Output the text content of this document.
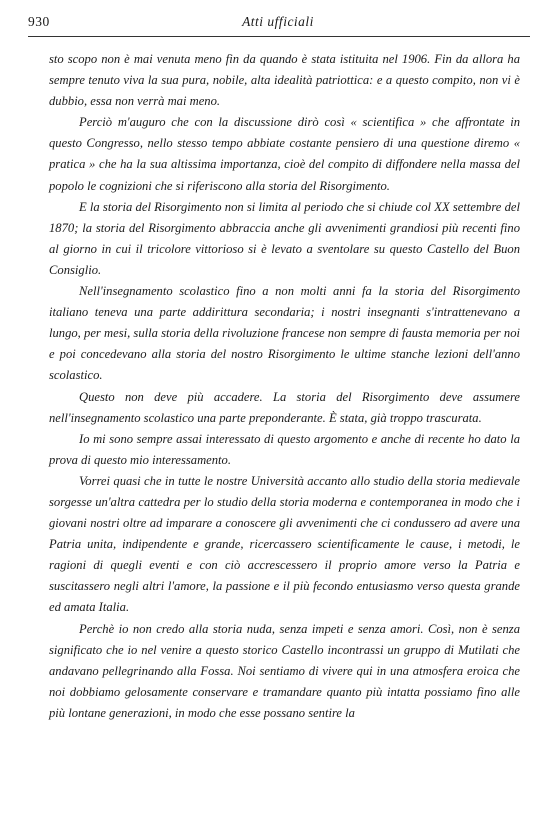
930	Atti ufficiali

sto scopo non è mai venuta meno fin da quando è stata istituita nel 1906. Fin da allora ha sempre tenuto viva la sua pura, nobile, alta idealità patriottica: e a questo compito, non vi è dubbio, essa non verrà mai meno.

Perciò m'auguro che con la discussione dirò così « scientifica » che affrontate in questo Congresso, nello stesso tempo abbiate costante pensiero di una questione diremo « pratica » che ha la sua altissima importanza, cioè del compito di diffondere nella massa del popolo le cognizioni che si riferiscono alla storia del Risorgimento.

E la storia del Risorgimento non si limita al periodo che si chiude col XX settembre del 1870; la storia del Risorgimento abbraccia anche gli avvenimenti grandiosi più recenti fino al giorno in cui il tricolore vittorioso si è levato a sventolare su questo Castello del Buon Consiglio.

Nell'insegnamento scolastico fino a non molti anni fa la storia del Risorgimento italiano teneva una parte addirittura secondaria; i nostri insegnanti s'intrattenevano a lungo, per mesi, sulla storia della rivoluzione francese non sempre di fausta memoria per noi e poi concedevano alla storia del nostro Risorgimento le ultime stanche lezioni dell'anno scolastico.

Questo non deve più accadere. La storia del Risorgimento deve assumere nell'insegnamento scolastico una parte preponderante. È stata, già troppo trascurata.

Io mi sono sempre assai interessato di questo argomento e anche di recente ho dato la prova di questo mio interessamento.

Vorrei quasi che in tutte le nostre Università accanto allo studio della storia medievale sorgesse un'altra cattedra per lo studio della storia moderna e contemporanea in modo che i giovani nostri oltre ad imparare a conoscere gli avvenimenti che ci condussero ad avere una Patria unita, indipendente e grande, ricercassero scientificamente le cause, i metodi, le ragioni di quegli eventi e con ciò accrescessero il proprio amore verso la Patria e suscitassero negli altri l'amore, la passione e il più fecondo entusiasmo verso questa grande ed amata Italia.

Perchè io non credo alla storia nuda, senza impeti e senza amori. Così, non è senza significato che io nel venire a questo storico Castello incontrassi un gruppo di Mutilati che andavano pellegrinando alla Fossa. Noi sentiamo di vivere qui in una atmosfera eroica che noi dobbiamo gelosamente conservare e tramandare quanto più intatta possiamo fino alle più lontane generazioni, in modo che esse possano sentire la
